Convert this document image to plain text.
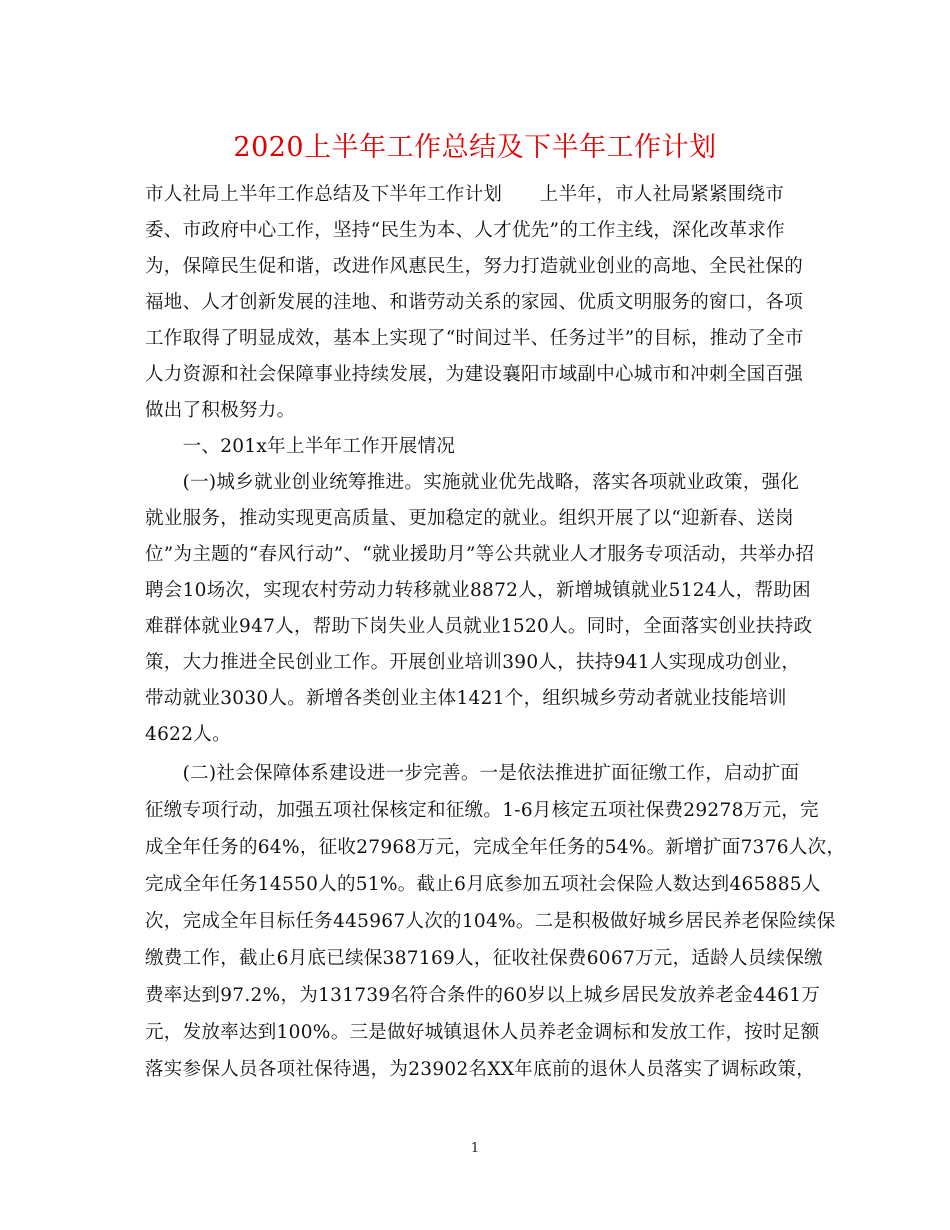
2020上半年工作总结及下半年工作计划
市人社局上半年工作总结及下半年工作计划　　上半年，市人社局紧紧围绕市
委、市政府中心工作，坚持“民生为本、人才优先”的工作主线，深化改革求作
为，保障民生促和谐，改进作风惠民生，努力打造就业创业的高地、全民社保的
福地、人才创新发展的洼地、和谐劳动关系的家园、优质文明服务的窗口，各项
工作取得了明显成效，基本上实现了“时间过半、任务过半”的目标，推动了全市
人力资源和社会保障事业持续发展，为建设襄阳市域副中心城市和冲刺全国百强
做出了积极努力。
　　一、201x年上半年工作开展情况
　　(一)城乡就业创业统筹推进。实施就业优先战略，落实各项就业政策，强化
就业服务，推动实现更高质量、更加稳定的就业。组织开展了以“迎新春、送岗
位”为主题的“春风行动”、“就业援助月”等公共就业人才服务专项活动，共举办招
聘会10场次，实现农村劳动力转移就业8872人，新增城镇就业5124人，帮助困
难群体就业947人，帮助下岗失业人员就业1520人。同时，全面落实创业扶持政
策，大力推进全民创业工作。开展创业培训390人，扶持941人实现成功创业，
带动就业3030人。新增各类创业主体1421个，组织城乡劳动者就业技能培训
4622人。
　　(二)社会保障体系建设进一步完善。一是依法推进扩面征缴工作，启动扩面
征缴专项行动，加强五项社保核定和征缴。1-6月核定五项社保费29278万元，完
成全年任务的64%，征收27968万元，完成全年任务的54%。新增扩面7376人次，
完成全年任务14550人的51%。截止6月底参加五项社会保险人数达到465885人
次，完成全年目标任务445967人次的104%。二是积极做好城乡居民养老保险续保
缴费工作，截止6月底已续保387169人，征收社保费6067万元，适龄人员续保缴
费率达到97.2%，为131739名符合条件的60岁以上城乡居民发放养老金4461万
元，发放率达到100%。三是做好城镇退休人员养老金调标和发放工作，按时足额
落实参保人员各项社保待遇，为23902名XX年底前的退休人员落实了调标政策，
1
